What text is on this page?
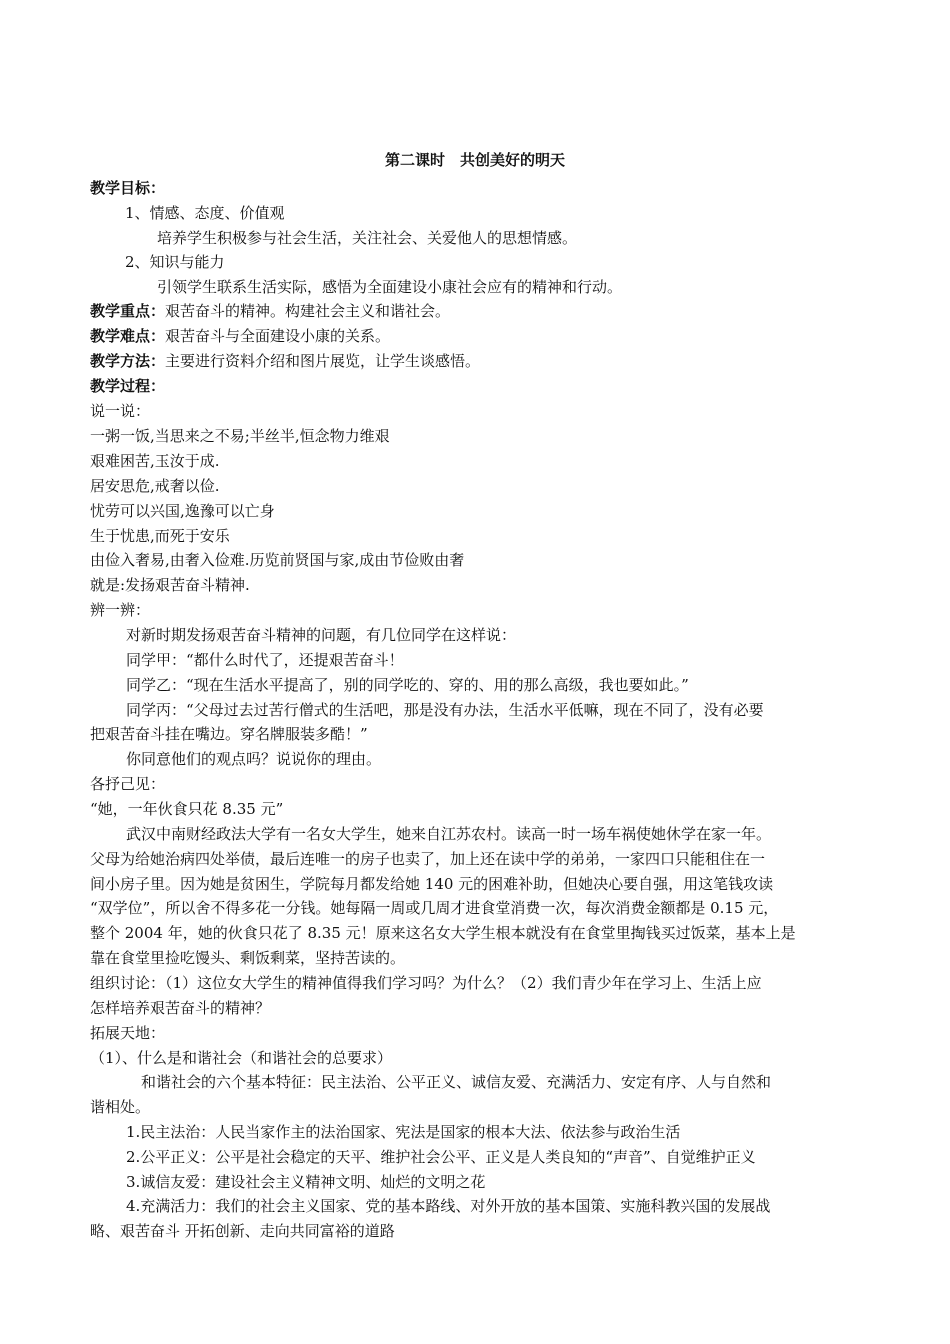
第二课时　共创美好的明天
教学目标：
1、情感、态度、价值观
培养学生积极参与社会生活，关注社会、关爱他人的思想情感。
2、知识与能力
引领学生联系生活实际，感悟为全面建设小康社会应有的精神和行动。
教学重点：艰苦奋斗的精神。构建社会主义和谐社会。
教学难点：艰苦奋斗与全面建设小康的关系。
教学方法：主要进行资料介绍和图片展览，让学生谈感悟。
教学过程：
说一说：
一粥一饭,当思来之不易;半丝半,恒念物力维艰
艰难困苦,玉汝于成.
居安思危,戒奢以俭.
忧劳可以兴国,逸豫可以亡身
生于忧患,而死于安乐
由俭入奢易,由奢入俭难.历览前贤国与家,成由节俭败由奢
就是:发扬艰苦奋斗精神.
辨一辨：
对新时期发扬艰苦奋斗精神的问题，有几位同学在这样说：
同学甲：“都什么时代了，还提艰苦奋斗！
同学乙：“现在生活水平提高了，别的同学吃的、穿的、用的那么高级，我也要如此。”
同学丙：“父母过去过苦行僧式的生活吧，那是没有办法，生活水平低嘛，现在不同了，没有必要
把艰苦奋斗挂在嘴边。穿名牌服装多酷！”
你同意他们的观点吗？说说你的理由。
各抒己见：
“她，一年伙食只花 8.35 元”
武汉中南财经政法大学有一名女大学生，她来自江苏农村。读高一时一场车祸使她休学在家一年。
父母为给她治病四处举债，最后连唯一的房子也卖了，加上还在读中学的弟弟，一家四口只能租住在一
间小房子里。因为她是贫困生，学院每月都发给她 140 元的困难补助，但她决心要自强，用这笔钱攻读
“双学位”，所以舍不得多花一分钱。她每隔一周或几周才进食堂消费一次，每次消费金额都是 0.15 元，
整个 2004 年，她的伙食只花了 8.35 元！原来这名女大学生根本就没有在食堂里掏钱买过饭菜，基本上是
靠在食堂里捡吃馒头、剩饭剩菜，坚持苦读的。
组织讨论：（1）这位女大学生的精神值得我们学习吗？为什么？（2）我们青少年在学习上、生活上应
怎样培养艰苦奋斗的精神？
拓展天地：
（1）、什么是和谐社会（和谐社会的总要求）
和谐社会的六个基本特征：民主法治、公平正义、诚信友爱、充满活力、安定有序、人与自然和
谐相处。
1.民主法治：人民当家作主的法治国家、宪法是国家的根本大法、依法参与政治生活
2.公平正义：公平是社会稳定的天平、维护社会公平、正义是人类良知的“声音”、自觉维护正义
3.诚信友爱：建设社会主义精神文明、灿烂的文明之花
4.充满活力：我们的社会主义国家、党的基本路线、对外开放的基本国策、实施科教兴国的发展战
略、艰苦奋斗 开拓创新、走向共同富裕的道路
